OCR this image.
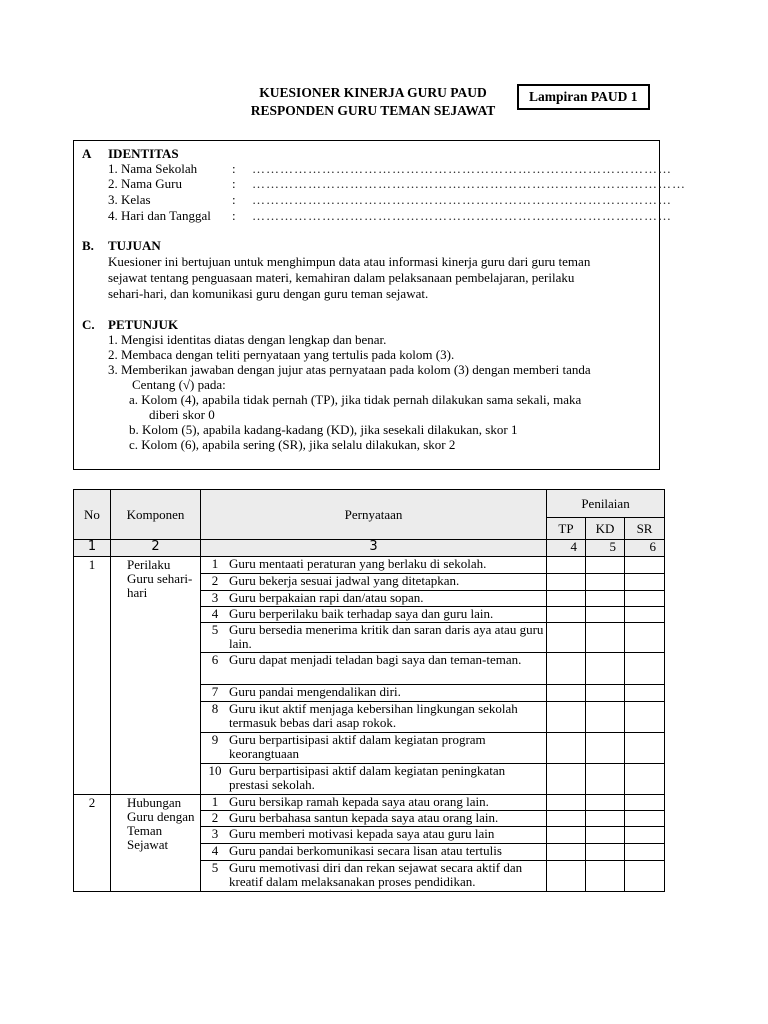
KUESIONER KINERJA GURU PAUD
RESPONDEN GURU TEMAN SEJAWAT
Lampiran PAUD 1
A IDENTITAS
1. Nama Sekolah	: ………………………………………………………………………………
2. Nama Guru	: …………………………………………………………………………………
3. Kelas	: ………………………………………………………………………………
4. Hari dan Tanggal : ………………………………………………………………………………
B. TUJUAN
Kuesioner ini bertujuan untuk menghimpun data atau informasi kinerja guru dari guru teman
sejawat tentang penguasaan materi, kemahiran dalam pelaksanaan pembelajaran, perilaku
sehari-hari, dan komunikasi guru dengan guru teman sejawat.
C. PETUNJUK
1. Mengisi identitas diatas dengan lengkap dan benar.
2. Membaca dengan teliti pernyataan yang tertulis pada kolom (3).
3. Memberikan jawaban dengan jujur atas pernyataan pada kolom (3) dengan memberi tanda
Centang (√) pada:
a. Kolom (4), apabila tidak pernah (TP), jika tidak pernah dilakukan sama sekali, maka
diberi skor 0
b. Kolom (5), apabila kadang-kadang (KD), jika sesekali dilakukan, skor 1
c. Kolom (6), apabila sering (SR), jika selalu dilakukan, skor 2
No	Komponen	Pernyataan	Penilaian		
			TP	KD	SR
1	2	3	4	5	6
1	Perilaku Guru sehari-hari	1 Guru mentaati peraturan yang berlaku di sekolah.			

		2 Guru bekerja sesuai jadwal yang ditetapkan.			

		3 Guru berpakaian rapi dan/atau sopan.			

		4 Guru berperilaku baik terhadap saya dan guru lain.			

		5 Guru bersedia menerima kritik dan saran daris aya atau guru lain.			

		6 Guru dapat menjadi teladan bagi saya dan teman-teman.			

		7 Guru pandai mengendalikan diri.			

		8 Guru ikut aktif menjaga kebersihan lingkungan sekolah termasuk bebas dari asap rokok.			

		9 Guru berpartisipasi aktif dalam kegiatan program keorangtuaan			

		10 Guru berpartisipasi aktif dalam kegiatan peningkatan prestasi sekolah.			

2	Hubungan Guru dengan Teman Sejawat	1 Guru bersikap ramah kepada saya atau orang lain.			

		2 Guru berbahasa santun kepada saya atau orang lain.			

		3 Guru memberi motivasi kepada saya atau guru lain			

		4 Guru pandai berkomunikasi secara lisan atau tertulis			

		5 Guru memotivasi diri dan rekan sejawat secara aktif dan kreatif dalam melaksanakan proses pendidikan.			
